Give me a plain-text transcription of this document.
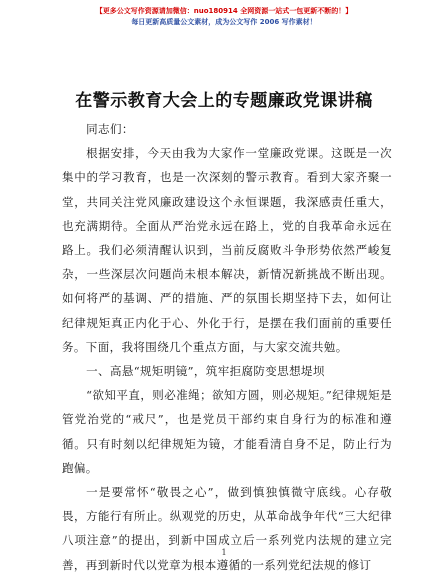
【更多公文写作资源请加微信：nuo180914 全网资源一站式一包更新不断的！】
每日更新高质量公文素材，成为公文写作 2006 写作素材！
在警示教育大会上的专题廉政党课讲稿

同志们：

根据安排，今天由我为大家作一堂廉政党课。这既是一次集中的学习教育，也是一次深刻的警示教育。看到大家齐聚一堂，共同关注党风廉政建设这个永恒课题，我深感责任重大，也充满期待。全面从严治党永远在路上，党的自我革命永远在路上。我们必须清醒认识到，当前反腐败斗争形势依然严峻复杂，一些深层次问题尚未根本解决，新情况新挑战不断出现。如何将严的基调、严的措施、严的氛围长期坚持下去，如何让纪律规矩真正内化于心、外化于行，是摆在我们面前的重要任务。下面，我将围绕几个重点方面，与大家交流共勉。

一、高悬“规矩明镜”，筑牢拒腐防变思想堤坝

“欲知平直，则必准绳；欲知方圆，则必规矩。”纪律规矩是管党治党的“戒尺”，也是党员干部约束自身行为的标准和遵循。只有时刻以纪律规矩为镜，才能看清自身不足，防止行为跑偏。

一是要常怀“敬畏之心”，做到慎独慎微守底线。心存敬畏，方能行有所止。纵观党的历史，从革命战争年代“三大纪律八项注意”的提出，到新中国成立后一系列党内法规的建立完善，再到新时代以党章为根本遵循的一系列党纪法规的修订

1
